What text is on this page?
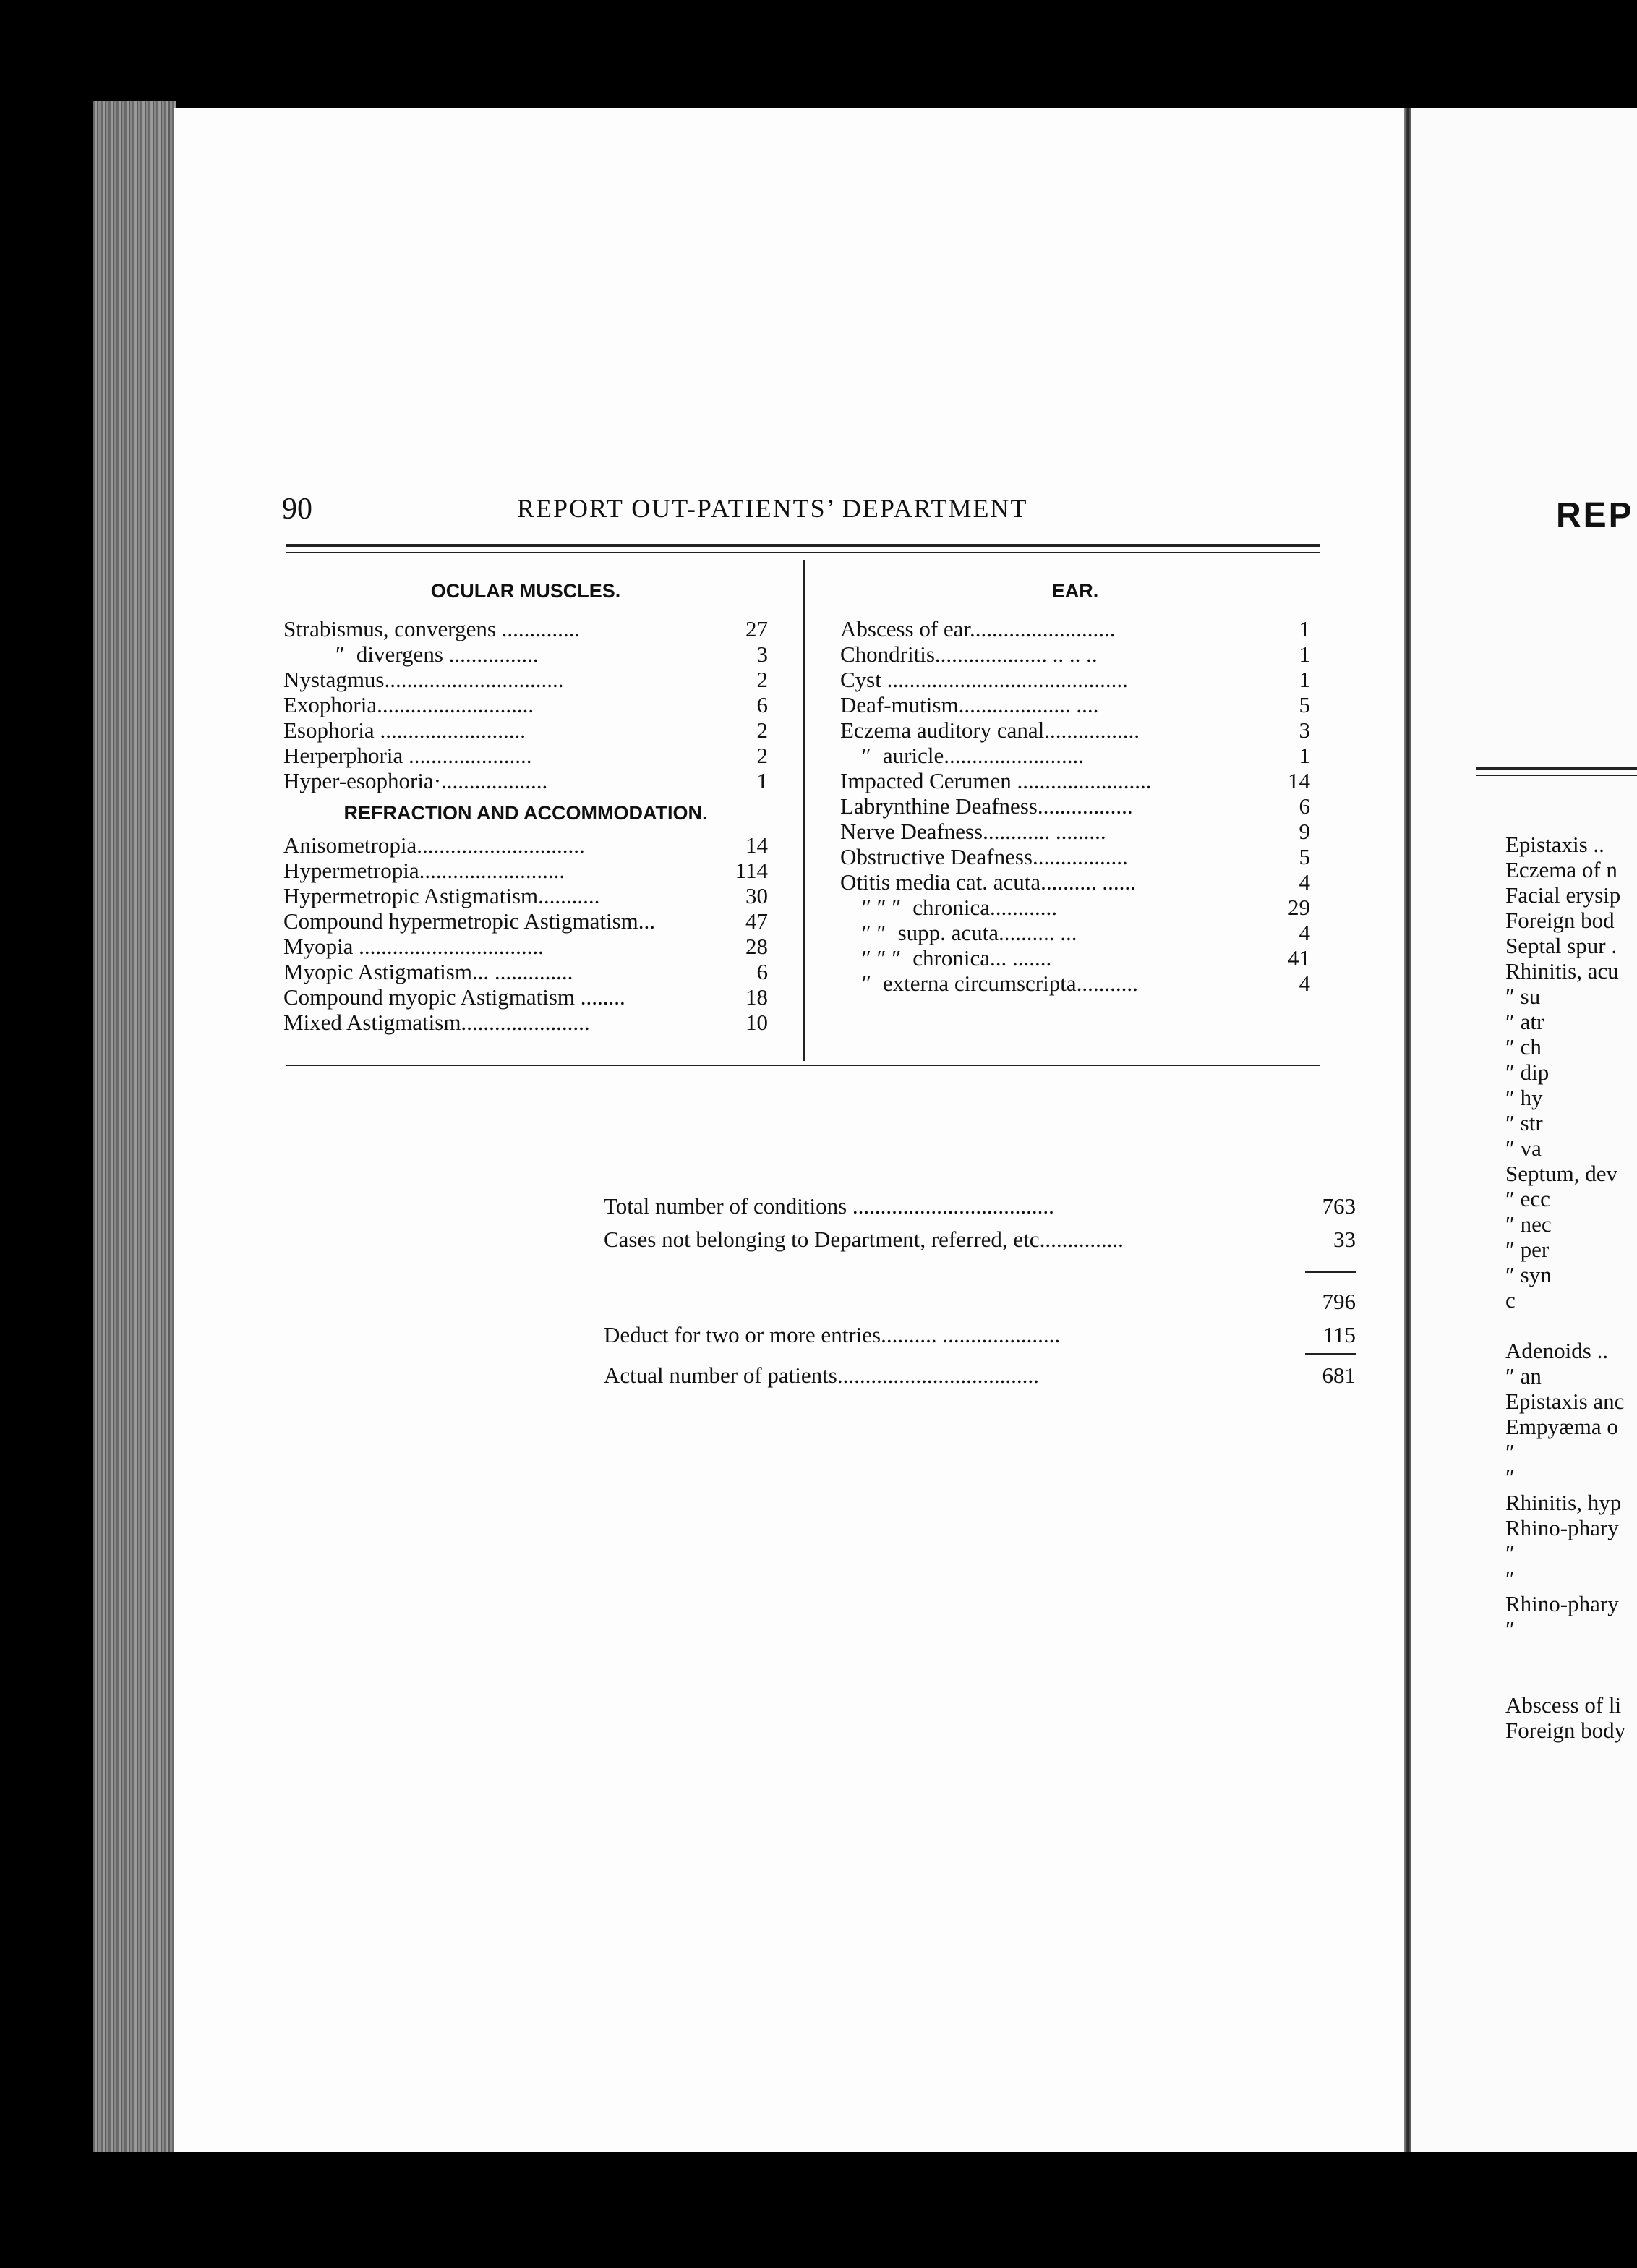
90	REPORT OUT-PATIENTS’ DEPARTMENT
OCULAR MUSCLES.
Strabismus, convergens ..............	27
″ divergens ................	3
Nystagmus................................	2
Exophoria............................	6
Esophoria ..........................	2
Herperphoria ......................	2
Hyper-esophoria·...................	1
REFRACTION AND ACCOMMODATION.
Anisometropia..............................	14
Hypermetropia..........................	114
Hypermetropic Astigmatism...........	30
Compound hypermetropic Astigmatism...	47
Myopia .................................	28
Myopic Astigmatism... ..............	6
Compound myopic Astigmatism ........	18
Mixed Astigmatism.......................	10
EAR.
Abscess of ear..........................	1
Chondritis.................... .. .. ..	1
Cyst ...........................................	1
Deaf-mutism.................... ....	5
Eczema auditory canal.................	3
″ auricle.........................	1
Impacted Cerumen ........................	14
Labrynthine Deafness.................	6
Nerve Deafness............ .........	9
Obstructive Deafness.................	5
Otitis media cat. acuta.......... ......	4
″ ″ ″ chronica............	29
″ ″ supp. acuta.......... ...	4
″ ″ ″ chronica... .......	41
″ externa circumscripta...........	4
Total number of conditions ....................................	763
Cases not belonging to Department, referred, etc...............	33
796
Deduct for two or more entries.......... .....................	115
Actual number of patients....................................	681
REP
Epistaxis ..
Eczema of n
Facial erysip
Foreign bod
Septal spur .
Rhinitis, acu
″ su
″ atr
″ ch
″ dip
″ hy
″ str
″ va
Septum, dev
″ ecc
″ nec
″ per
″ syn
c
Adenoids ..
″ an
Epistaxis anc
Empyæma o
″
″
Rhinitis, hyp
Rhino-phary
″
″
Rhino-phary
″
Abscess of li
Foreign body
